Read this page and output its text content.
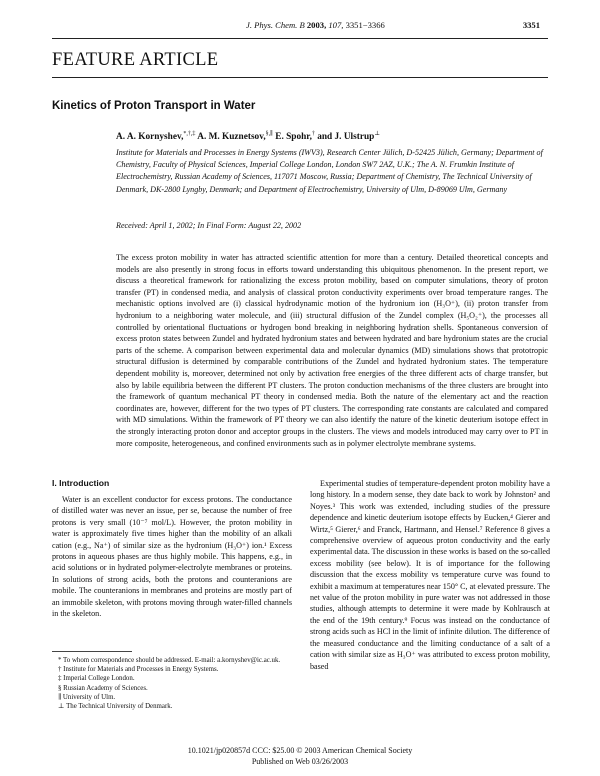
J. Phys. Chem. B 2003, 107, 3351−3366	3351
FEATURE ARTICLE
Kinetics of Proton Transport in Water
A. A. Kornyshev,*,†,‡ A. M. Kuznetsov,§,∥ E. Spohr,† and J. Ulstrup⊥
Institute for Materials and Processes in Energy Systems (IWV3), Research Center Jülich, D-52425 Jülich, Germany; Department of Chemistry, Faculty of Physical Sciences, Imperial College London, London SW7 2AZ, U.K.; The A. N. Frumkin Institute of Electrochemistry, Russian Academy of Sciences, 117071 Moscow, Russia; Department of Chemistry, The Technical University of Denmark, DK-2800 Lyngby, Denmark; and Department of Electrochemistry, University of Ulm, D-89069 Ulm, Germany
Received: April 1, 2002; In Final Form: August 22, 2002
The excess proton mobility in water has attracted scientific attention for more than a century. Detailed theoretical concepts and models are also presently in strong focus in efforts toward understanding this ubiquitous phenomenon. In the present report, we discuss a theoretical framework for rationalizing the excess proton mobility, based on computer simulations, theory of proton transfer (PT) in condensed media, and analysis of classical proton conductivity experiments over broad temperature ranges. The mechanistic options involved are (i) classical hydrodynamic motion of the hydronium ion (H₃O⁺), (ii) proton transfer from hydronium to a neighboring water molecule, and (iii) structural diffusion of the Zundel complex (H₅O₂⁺), the processes all controlled by orientational fluctuations or hydrogen bond breaking in neighboring hydration shells. Spontaneous conversion of excess proton states between Zundel and hydrated hydronium states and between hydrated and bare hydronium states are the crucial parts of the scheme. A comparison between experimental data and molecular dynamics (MD) simulations shows that prototropic structural diffusion is determined by comparable contributions of the Zundel and hydrated hydronium states. The temperature dependent mobility is, moreover, determined not only by activation free energies of the three different acts of charge transfer, but also by labile equilibria between the different PT clusters. The proton conduction mechanisms of the three clusters are brought into the framework of quantum mechanical PT theory in condensed media. Both the nature of the elementary act and the reaction coordinates are, however, different for the two types of PT clusters. The corresponding rate constants are calculated and compared with MD simulations. Within the framework of PT theory we can also identify the nature of the kinetic deuterium isotope effect in the strongly interacting proton donor and acceptor groups in the clusters. The views and models introduced may carry over to PT in more composite, heterogeneous, and confined environments such as in polymer electrolyte membrane systems.
I. Introduction

Water is an excellent conductor for excess protons. The conductance of distilled water was never an issue, per se, because the number of free protons is very small (10⁻⁷ mol/L). However, the proton mobility in water is approximately five times higher than the mobility of an alkali cation (e.g., Na⁺) of similar size as the hydronium (H₃O⁺) ion.¹ Excess protons in aqueous phases are thus highly mobile. This happens, e.g., in acid solutions or in hydrated polymer-electrolyte membranes or proteins. In solutions of strong acids, both the protons and counteranions are mobile. The counteranions in membranes and proteins are mostly part of an immobile skeleton, with protons moving through water-filled channels in the skeleton.

Experimental studies of temperature-dependent proton mobility have a long history. In a modern sense, they date back to work by Johnston² and Noyes.³ This work was extended, including studies of the pressure dependence and kinetic deuterium isotope effects by Eucken,⁴ Gierer and Wirtz,⁵ Gierer,⁶ and Franck, Hartmann, and Hensel.⁷ Reference 8 gives a comprehensive overview of aqueous proton conductivity and the early experimental data. The discussion in these works is based on the so-called excess mobility (see below). It is of importance for the following discussion that the excess mobility vs temperature curve was found to exhibit a maximum at temperatures near 150° C, at elevated pressure. The net value of the proton mobility in pure water was not addressed in those studies, although attempts to determine it were made by Kohlrausch at the end of the 19th century.⁹ Focus was instead on the conductance of strong acids such as HCl in the limit of infinite dilution. The difference of the measured conductance and the limiting conductance of a salt of a cation with similar size as H₃O⁺ was attributed to excess proton mobility, based

* To whom correspondence should be addressed. E-mail: a.kornyshev@ic.ac.uk.
† Institute for Materials and Processes in Energy Systems.
‡ Imperial College London.
§ Russian Academy of Sciences.
∥ University of Ulm.
⊥ The Technical University of Denmark.
10.1021/jp020857d CCC: $25.00 © 2003 American Chemical Society
Published on Web 03/26/2003
